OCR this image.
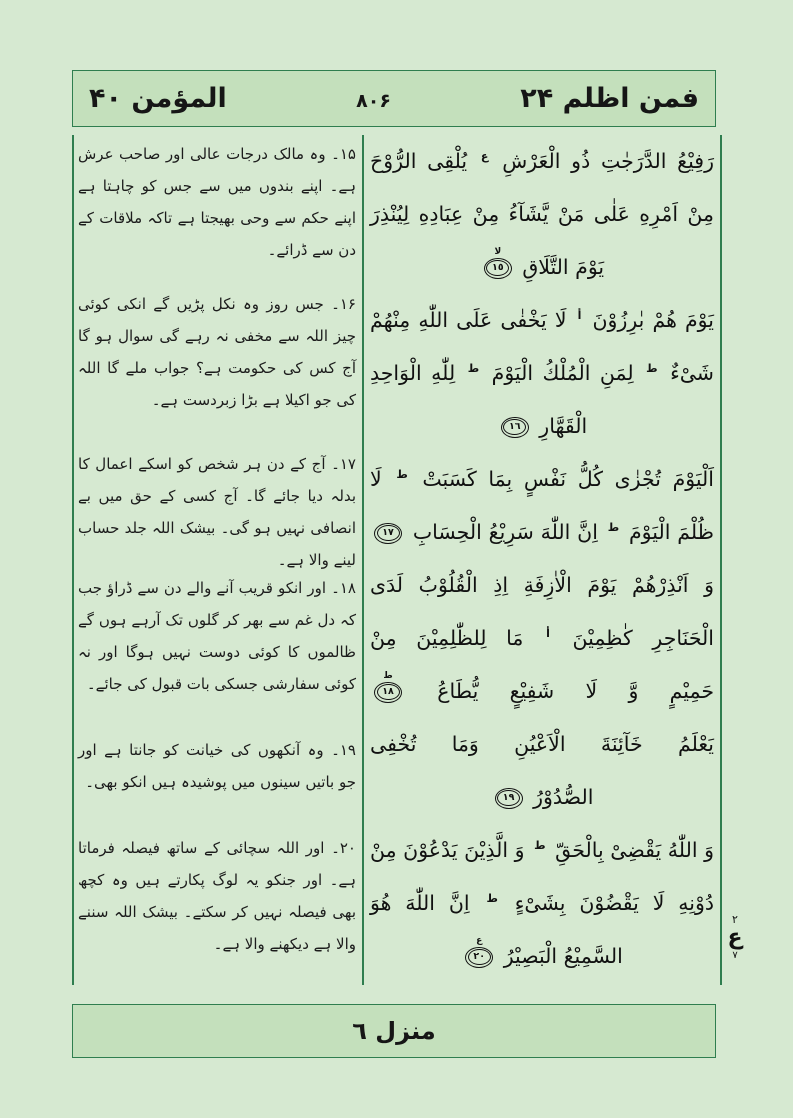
فمن اظلم ۲۴
۸۰۶
المؤمن ۴۰
۱۵۔ وہ مالک درجات عالی اور صاحب عرش ہے۔ اپنے بندوں میں سے جس کو چاہتا ہے اپنے حکم سے وحی بھیجتا ہے تاکہ ملاقات کے دن سے ڈرائے۔
۱۶۔ جس روز وہ نکل پڑیں گے انکی کوئی چیز اللہ سے مخفی نہ رہے گی سوال ہو گا آج کس کی حکومت ہے؟ جواب ملے گا اللہ کی جو اکیلا ہے بڑا زبردست ہے۔
۱۷۔ آج کے دن ہر شخص کو اسکے اعمال کا بدلہ دیا جائے گا۔ آج کسی کے حق میں بے انصافی نہیں ہو گی۔ بیشک اللہ جلد حساب لینے والا ہے۔
۱۸۔ اور انکو قریب آنے والے دن سے ڈراؤ جب کہ دل غم سے بھر کر گلوں تک آرہے ہوں گے ظالموں کا کوئی دوست نہیں ہوگا اور نہ کوئی سفارشی جسکی بات قبول کی جائے۔
۱۹۔ وہ آنکھوں کی خیانت کو جانتا ہے اور جو باتیں سینوں میں پوشیدہ ہیں انکو بھی۔
۲۰۔ اور اللہ سچائی کے ساتھ فیصلہ فرماتا ہے۔ اور جنکو یہ لوگ پکارتے ہیں وہ کچھ بھی فیصلہ نہیں کر سکتے۔ بیشک اللہ سننے والا ہے دیکھنے والا ہے۔
رَفِيْعُ الدَّرَجٰتِ ذُو الْعَرْشِ ع يُلْقِى الرُّوْحَ
مِنْ اَمْرِهِ عَلٰى مَنْ يَّشَآءُ مِنْ عِبَادِهِ لِيُنْذِرَ
يَوْمَ التَّلَاقِ
١٥
لا
يَوْمَ هُمْ بٰرِزُوْنَ أ لَا يَخْفٰى عَلَى اللّٰهِ مِنْهُمْ
شَىْءٌ ط لِمَنِ الْمُلْكُ الْيَوْمَ ط لِلّٰهِ الْوَاحِدِ
الْقَهَّارِ
١٦
اَلْيَوْمَ تُجْزٰى كُلُّ نَفْسٍ بِمَا كَسَبَتْ ط لَا
ظُلْمَ الْيَوْمَ ط اِنَّ اللّٰهَ سَرِيْعُ الْحِسَابِ
١٧
وَ اَنْذِرْهُمْ يَوْمَ الْاٰزِفَةِ اِذِ الْقُلُوْبُ لَدَى
الْحَنَاجِرِ كٰظِمِيْنَ أ مَا لِلظّٰلِمِيْنَ مِنْ
حَمِيْمٍ وَّ لَا شَفِيْعٍ يُّطَاعُ
١٨
ط
يَعْلَمُ خَآئِنَةَ الْاَعْيُنِ وَمَا تُخْفِى
الصُّدُوْرُ
١٩
وَ اللّٰهُ يَقْضِىْ بِالْحَقِّ ط وَ الَّذِيْنَ يَدْعُوْنَ مِنْ
دُوْنِهِ لَا يَقْضُوْنَ بِشَىْءٍ ط اِنَّ اللّٰهَ هُوَ
السَّمِيْعُ الْبَصِيْرُ
٢٠
ع
۲
ع
۷
منزل ٦
